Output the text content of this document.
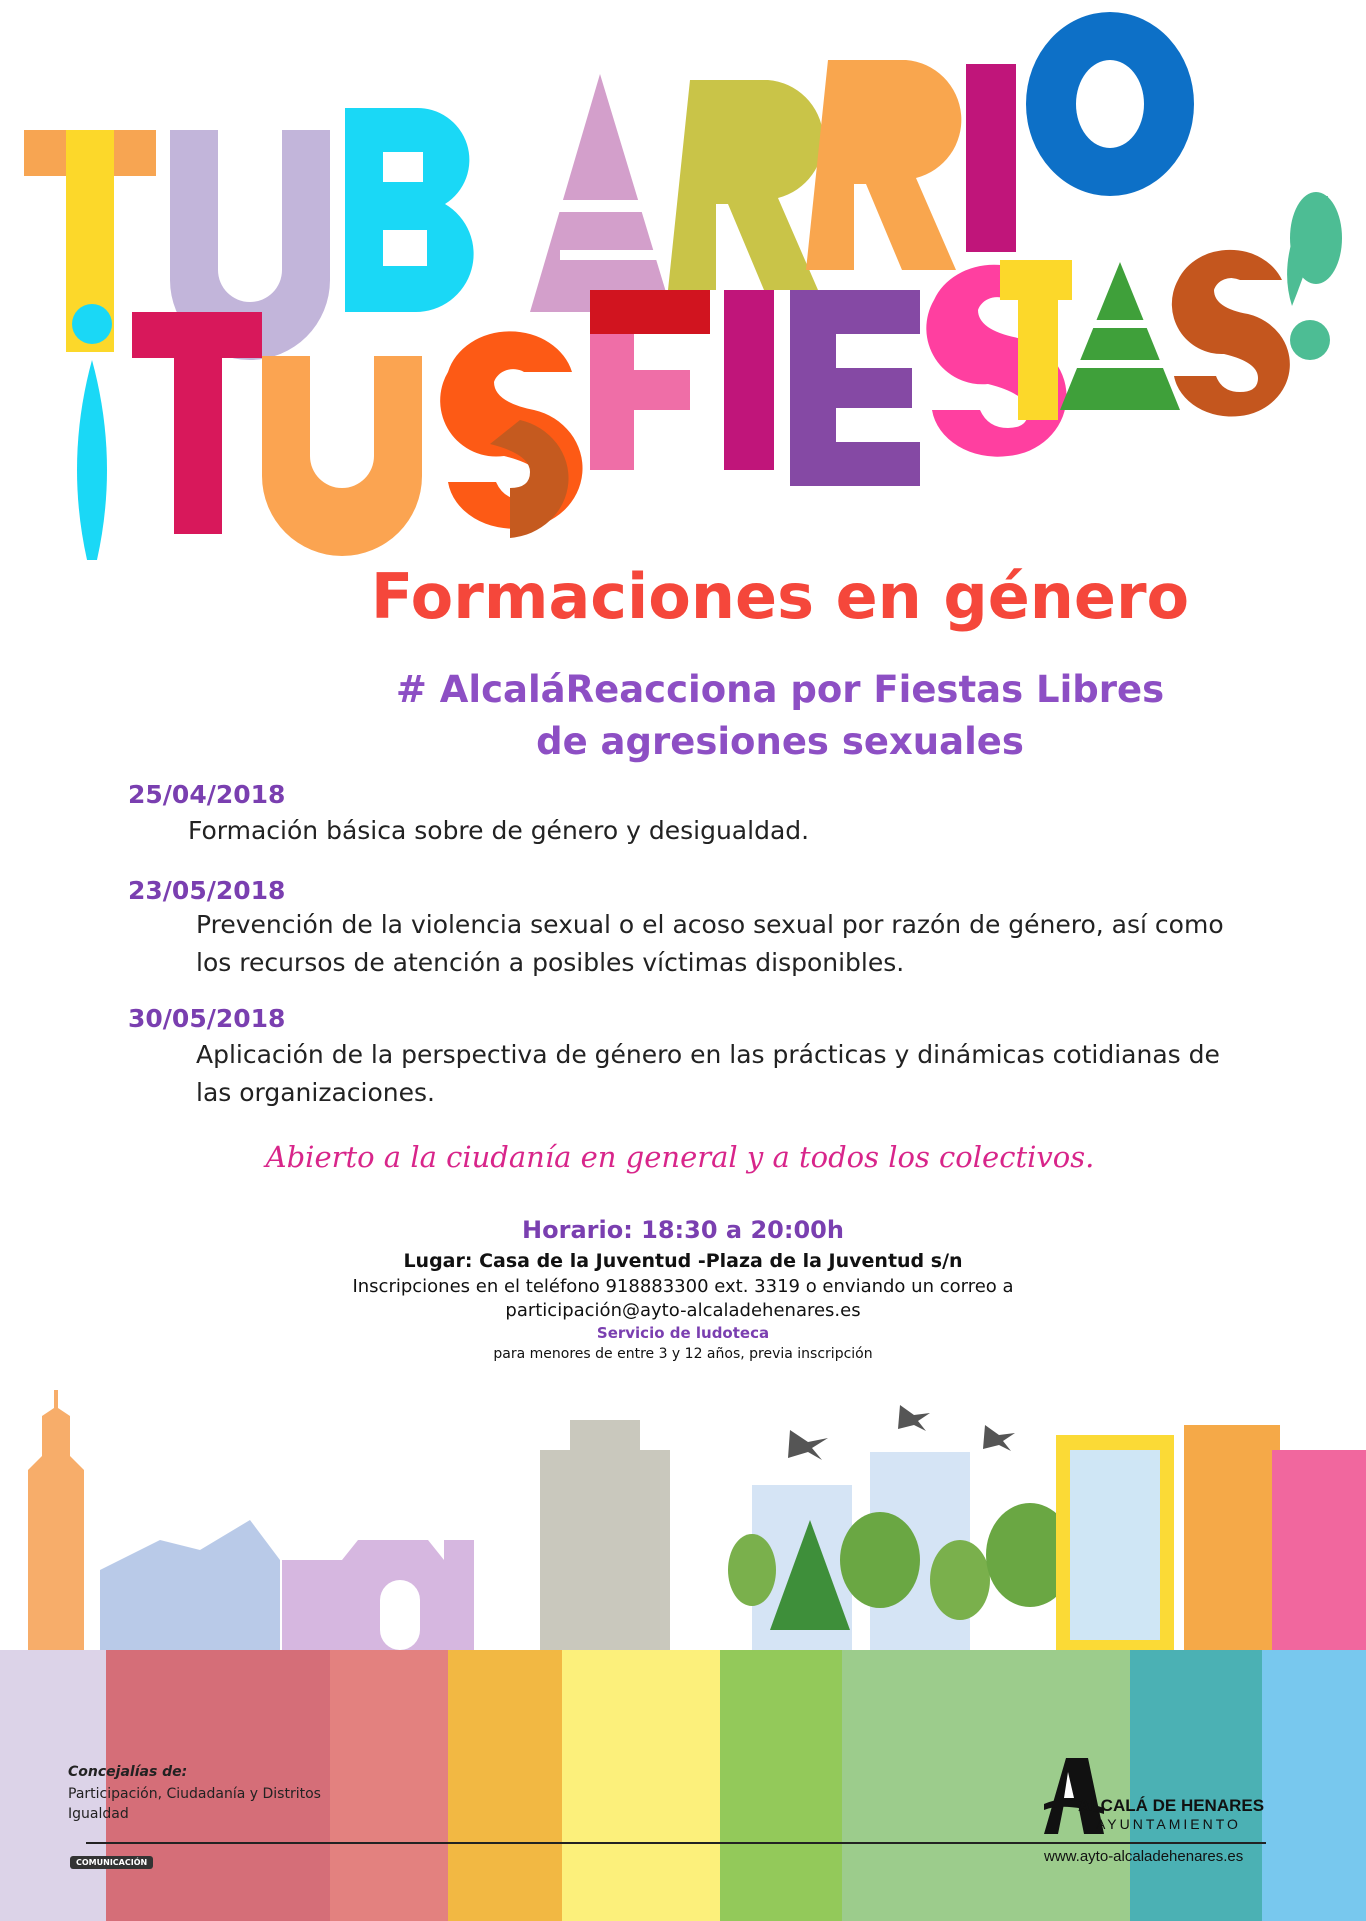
Formaciones en género
# AlcaláReacciona por Fiestas Libres
de agresiones sexuales
25/04/2018
Formación básica sobre de género y desigualdad.
23/05/2018
Prevención de la violencia sexual o el acoso sexual por razón de género, así como
los recursos de atención a posibles víctimas disponibles.
30/05/2018
Aplicación de la perspectiva de género en las prácticas y dinámicas cotidianas de
las organizaciones.
Abierto a la ciudanía en general y a todos los colectivos.
Horario: 18:30 a 20:00h
Lugar: Casa de la Juventud -Plaza de la Juventud s/n
Inscripciones en el teléfono 918883300 ext. 3319 o enviando un correo a
participación@ayto-alcaladehenares.es
Servicio de ludoteca
para menores de entre 3 y 12 años, previa inscripción
Concejalías de:
Participación, Ciudadanía y Distritos
Igualdad
COMUNICACIÓN
ALCALÁ DE HENARES
AYUNTAMIENTO
www.ayto-alcaladehenares.es
